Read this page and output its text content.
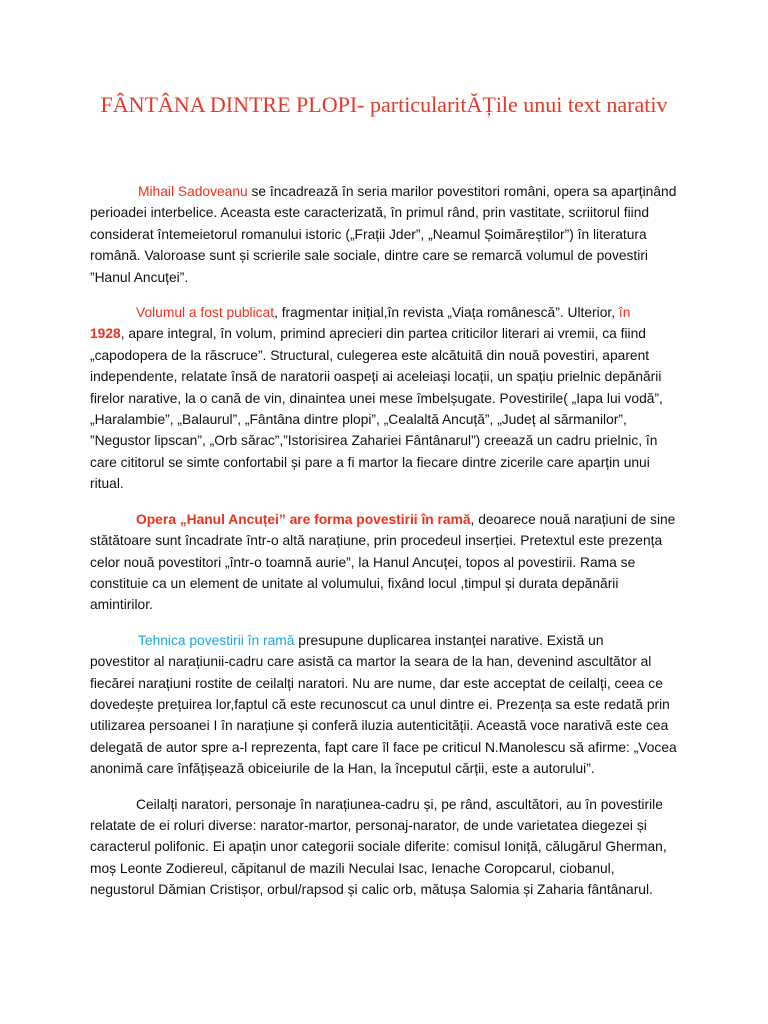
FÂNTÂNA DINTRE PLOPI- particularitĂȚile unui text narativ

Mihail Sadoveanu se încadrează în seria marilor povestitori români, opera sa aparținând
perioadei interbelice. Aceasta este caracterizată, în primul rând, prin vastitate, scriitorul fiind
considerat întemeietorul romanului istoric („Frații Jder”, „Neamul Șoimăreștilor”) în literatura
română. Valoroase sunt și scrierile sale sociale, dintre care se remarcă volumul de povestiri
”Hanul Ancuței”.

Volumul a fost publicat, fragmentar inițial,în revista „Viața românescă”. Ulterior, în
1928, apare integral, în volum, primind aprecieri din partea criticilor literari ai vremii, ca fiind
„capodopera de la răscruce”. Structural, culegerea este alcătuită din nouă povestiri, aparent
independente, relatate însă de naratorii oaspeți ai aceleiași locații, un spațiu prielnic depănării
firelor narative, la o cană de vin, dinaintea unei mese îmbelșugate. Povestirile( „Iapa lui vodă”,
„Haralambie”, „Balaurul”, „Fântâna dintre plopi”, „Cealaltă Ancuță”, „Județ al sărmanilor”,
”Negustor lipscan”, „Orb sărac”,”Istorisirea Zahariei Fântânarul”) creează un cadru prielnic, în
care cititorul se simte confortabil și pare a fi martor la fiecare dintre zicerile care aparțin unui
ritual.

Opera „Hanul Ancuței” are forma povestirii în ramă, deoarece nouă narațiuni de sine
stătătoare sunt încadrate într-o altă narațiune, prin procedeul inserției. Pretextul este prezența
celor nouă povestitori „într-o toamnă aurie”, la Hanul Ancuței, topos al povestirii. Rama se
constituie ca un element de unitate al volumului, fixând locul ,timpul și durata depănării
amintirilor.

Tehnica povestirii în ramă presupune duplicarea instanței narative. Există un
povestitor al narațiunii-cadru care asistă ca martor la seara de la han, devenind ascultător al
fiecărei narațiuni rostite de ceilalți naratori. Nu are nume, dar este acceptat de ceilalți, ceea ce
dovedește prețuirea lor,faptul că este recunoscut ca unul dintre ei. Prezența sa este redată prin
utilizarea persoanei I în narațiune și conferă iluzia autenticității. Această voce narativă este cea
delegată de autor spre a-l reprezenta, fapt care îl face pe criticul N.Manolescu să afirme: „Vocea
anonimă care înfățișează obiceiurile de la Han, la începutul cărții, este a autorului”.

Ceilalți naratori, personaje în narațiunea-cadru și, pe rând, ascultători, au în povestirile
relatate de ei roluri diverse: narator-martor, personaj-narator, de unde varietatea diegezei și
caracterul polifonic. Ei apațin unor categorii sociale diferite: comisul Ioniță, călugărul Gherman,
moș Leonte Zodiereul, căpitanul de mazili Neculai Isac, Ienache Coropcarul, ciobanul,
negustorul Dămian Cristișor, orbul/rapsod și calic orb, mătușa Salomia și Zaharia fântânarul.
